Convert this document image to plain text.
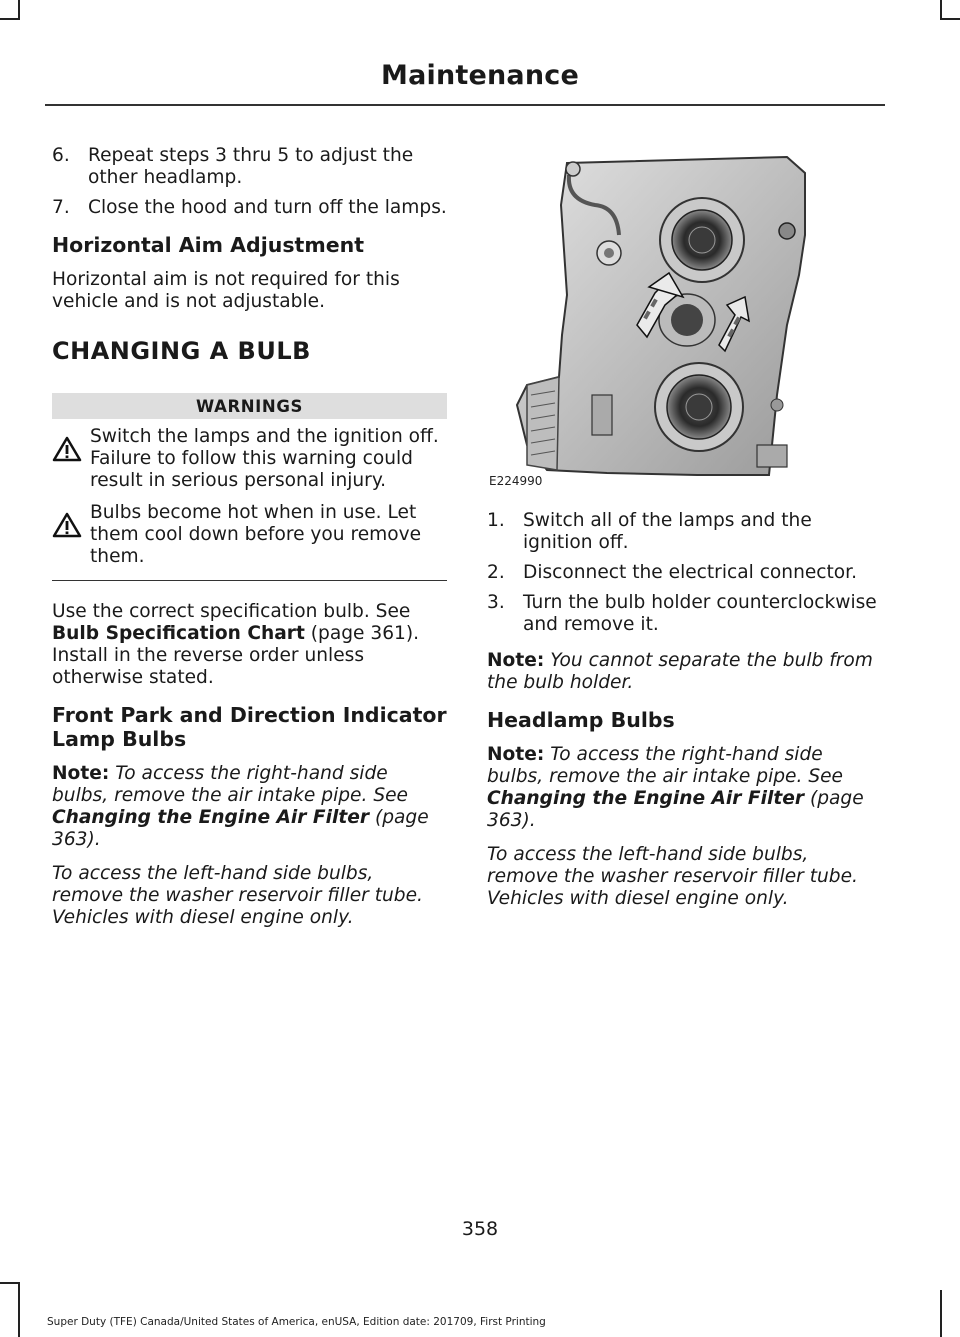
Maintenance
6. Repeat steps 3 thru 5 to adjust the other headlamp.
7. Close the hood and turn off the lamps.
Horizontal Aim Adjustment

Horizontal aim is not required for this vehicle and is not adjustable.

CHANGING A BULB
WARNINGS
Switch the lamps and the ignition off. Failure to follow this warning could result in serious personal injury.
Bulbs become hot when in use. Let them cool down before you remove them.

Use the correct specification bulb. See Bulb Specification Chart (page 361). Install in the reverse order unless otherwise stated.

Front Park and Direction Indicator Lamp Bulbs

Note: To access the right-hand side bulbs, remove the air intake pipe. See Changing the Engine Air Filter (page 363).

To access the left-hand side bulbs, remove the washer reservoir filler tube. Vehicles with diesel engine only.

E224990
1. Switch all of the lamps and the ignition off.
2. Disconnect the electrical connector.
3. Turn the bulb holder counterclockwise and remove it.

Note: You cannot separate the bulb from the bulb holder.

Headlamp Bulbs

Note: To access the right-hand side bulbs, remove the air intake pipe. See Changing the Engine Air Filter (page 363).

To access the left-hand side bulbs, remove the washer reservoir filler tube. Vehicles with diesel engine only.

358
Super Duty (TFE) Canada/United States of America, enUSA, Edition date: 201709, First Printing
